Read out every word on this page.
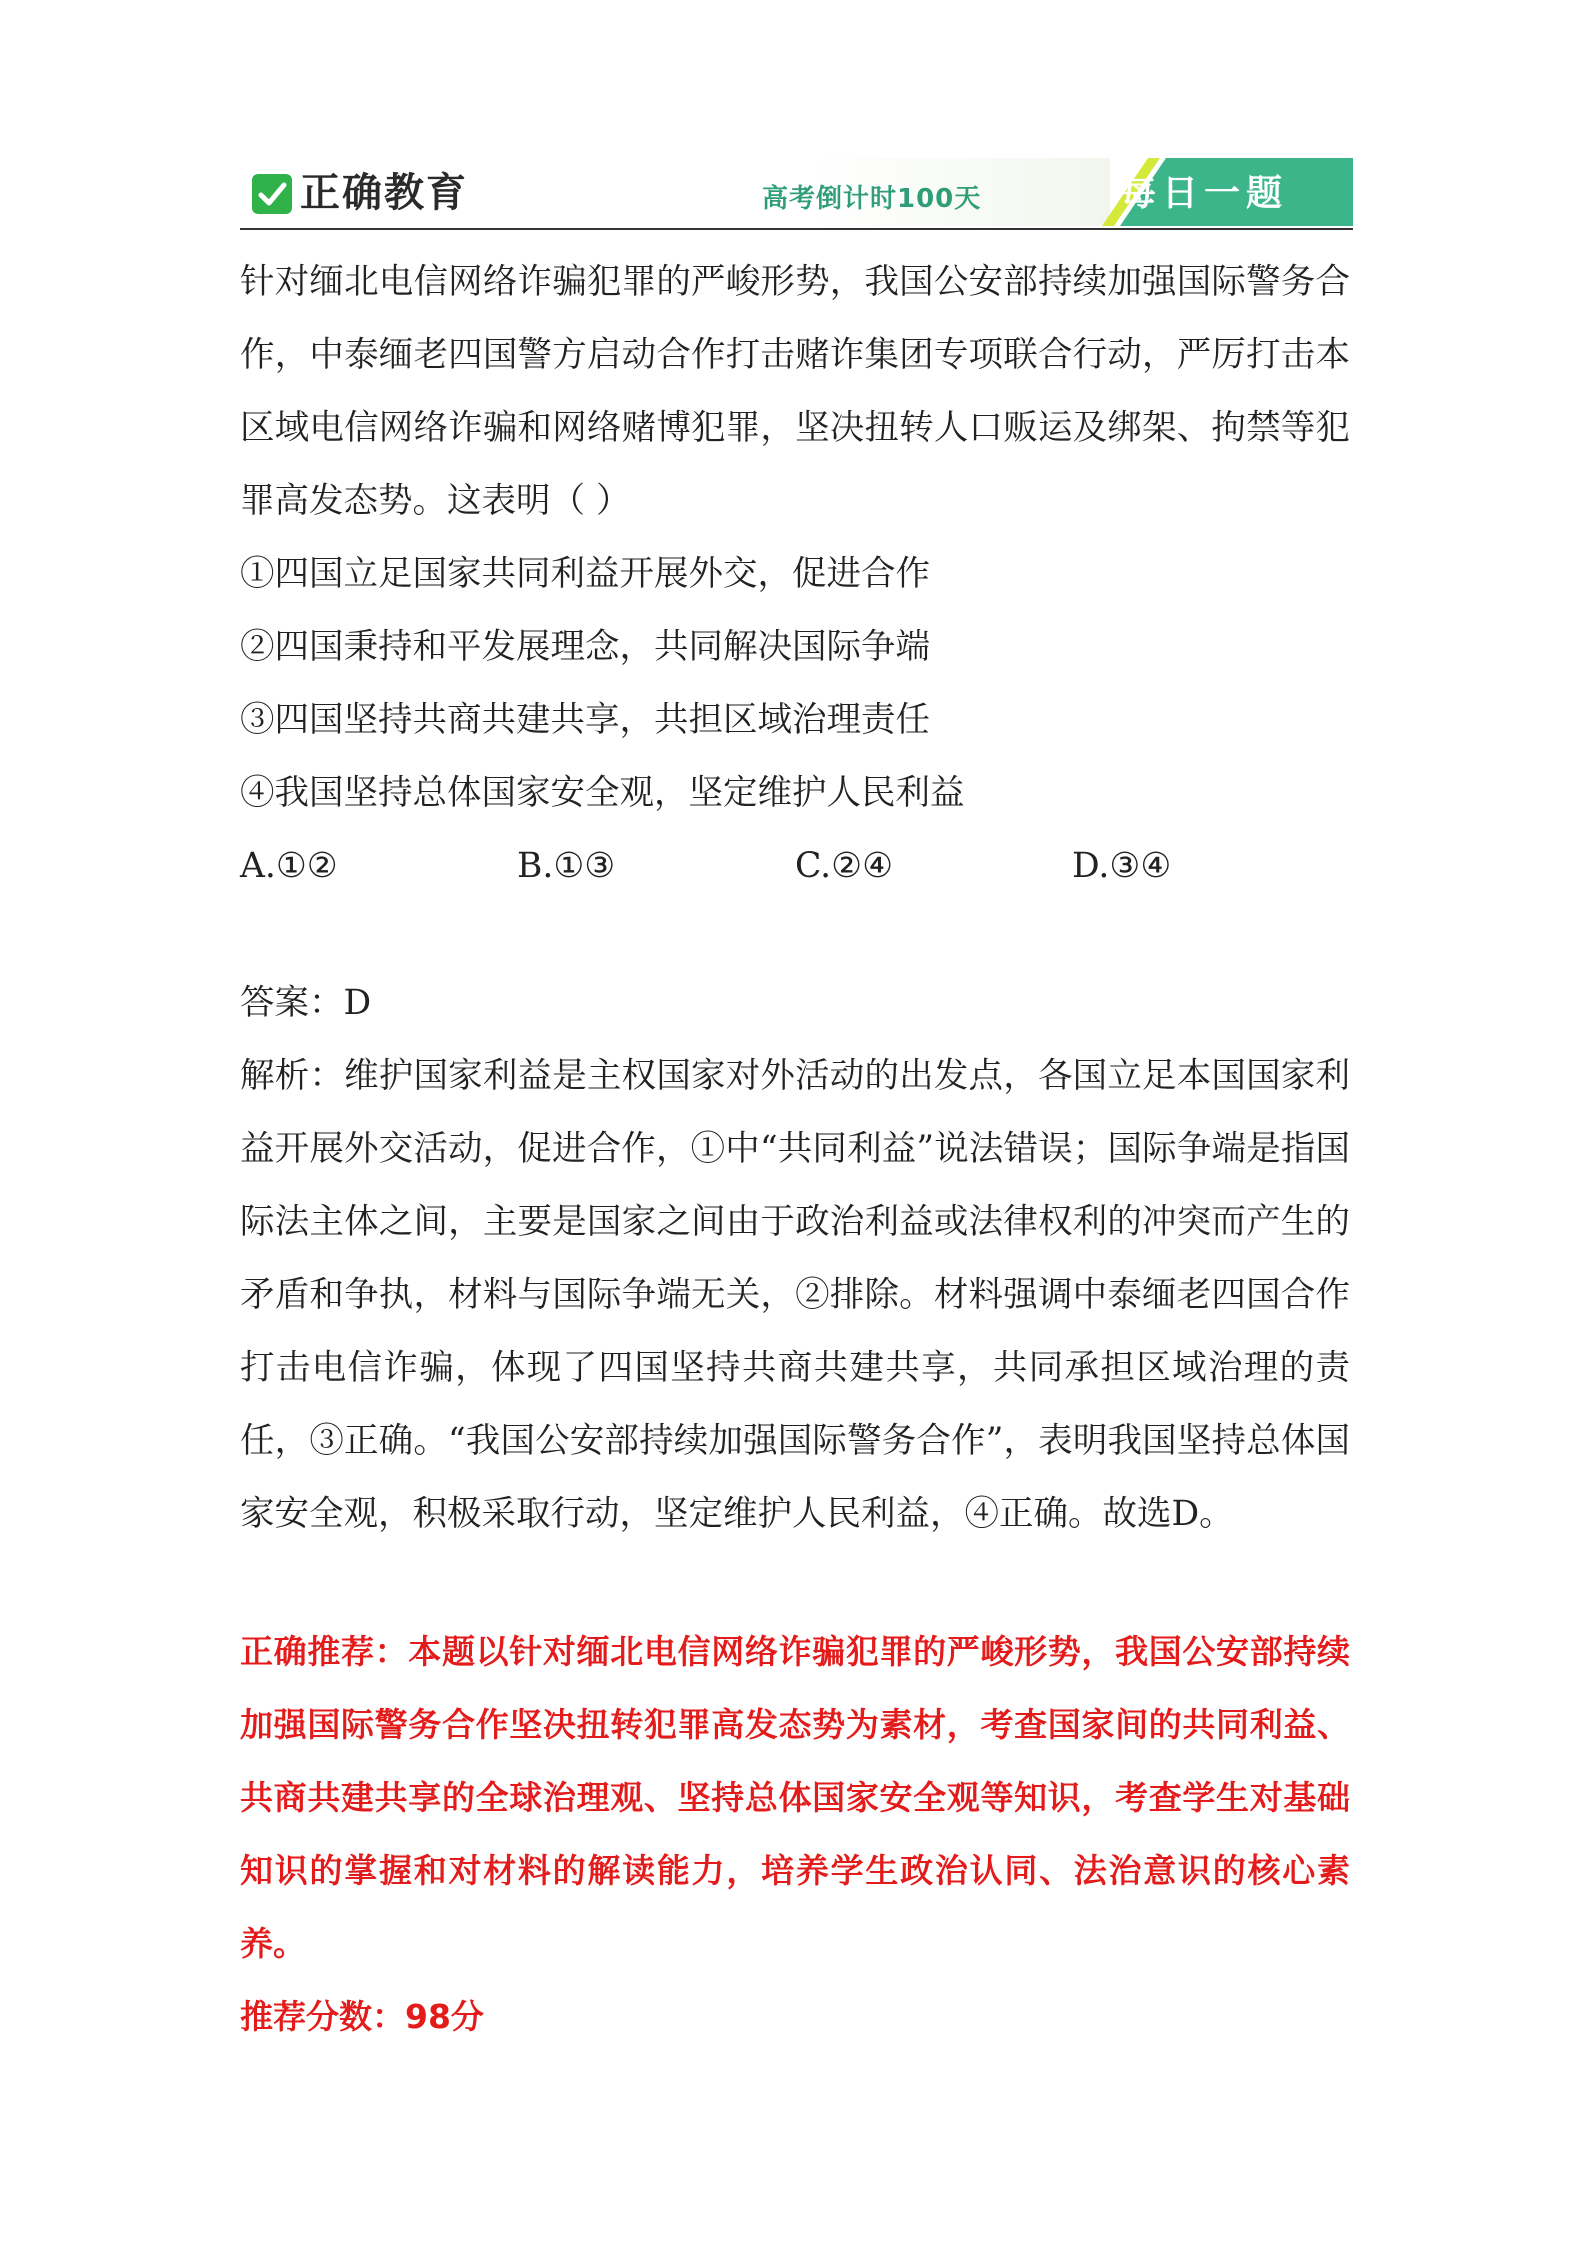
正确教育	高考倒计时100天	每日一题

针对缅北电信网络诈骗犯罪的严峻形势，我国公安部持续加强国际警务合作，中泰缅老四国警方启动合作打击赌诈集团专项联合行动，严厉打击本区域电信网络诈骗和网络赌博犯罪，坚决扭转人口贩运及绑架、拘禁等犯罪高发态势。这表明（ ）

①四国立足国家共同利益开展外交，促进合作

②四国秉持和平发展理念，共同解决国际争端

③四国坚持共商共建共享，共担区域治理责任

④我国坚持总体国家安全观，坚定维护人民利益

A.①②	B.①③	C.②④	D.③④

答案：D

解析：维护国家利益是主权国家对外活动的出发点，各国立足本国国家利益开展外交活动，促进合作，①中“共同利益”说法错误；国际争端是指国际法主体之间，主要是国家之间由于政治利益或法律权利的冲突而产生的矛盾和争执，材料与国际争端无关，②排除。材料强调中泰缅老四国合作打击电信诈骗，体现了四国坚持共商共建共享，共同承担区域治理的责任，③正确。“我国公安部持续加强国际警务合作”，表明我国坚持总体国家安全观，积极采取行动，坚定维护人民利益，④正确。故选D。

正确推荐：本题以针对缅北电信网络诈骗犯罪的严峻形势，我国公安部持续加强国际警务合作坚决扭转犯罪高发态势为素材，考查国家间的共同利益、共商共建共享的全球治理观、坚持总体国家安全观等知识，考查学生对基础知识的掌握和对材料的解读能力，培养学生政治认同、法治意识的核心素养。

推荐分数：98分
